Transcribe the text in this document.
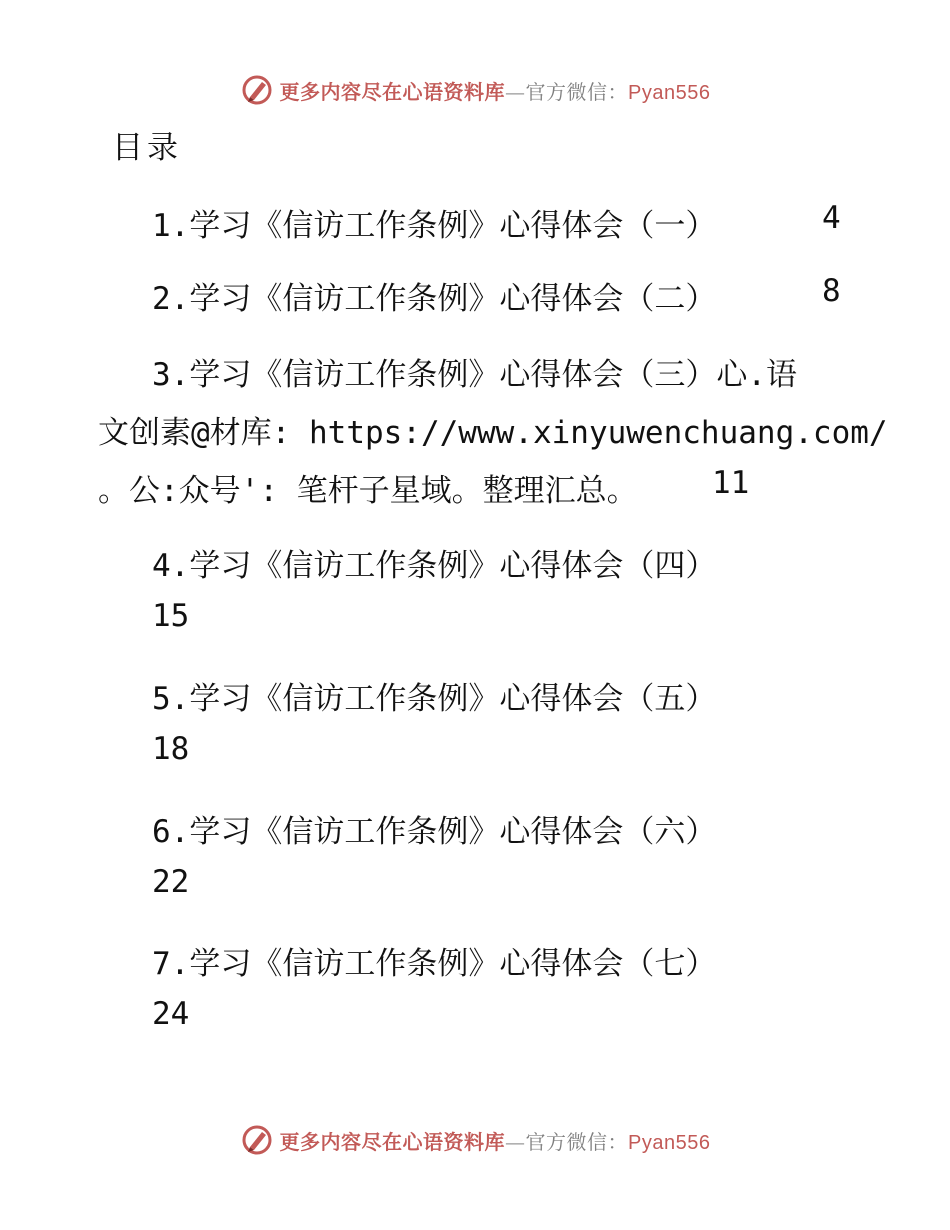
更多内容尽在心语资料库—官方微信：Pyan556
目录
1.学习《信访工作条例》心得体会（一）	4
2.学习《信访工作条例》心得体会（二）	8
3.学习《信访工作条例》心得体会（三）心.语
文创素@材库: https://www.xinyuwenchuang.com/
。公:众号': 笔杆子星域。整理汇总。 11
4.学习《信访工作条例》心得体会（四）
15
5.学习《信访工作条例》心得体会（五）
18
6.学习《信访工作条例》心得体会（六）
22
7.学习《信访工作条例》心得体会（七）
24
更多内容尽在心语资料库—官方微信：Pyan556
